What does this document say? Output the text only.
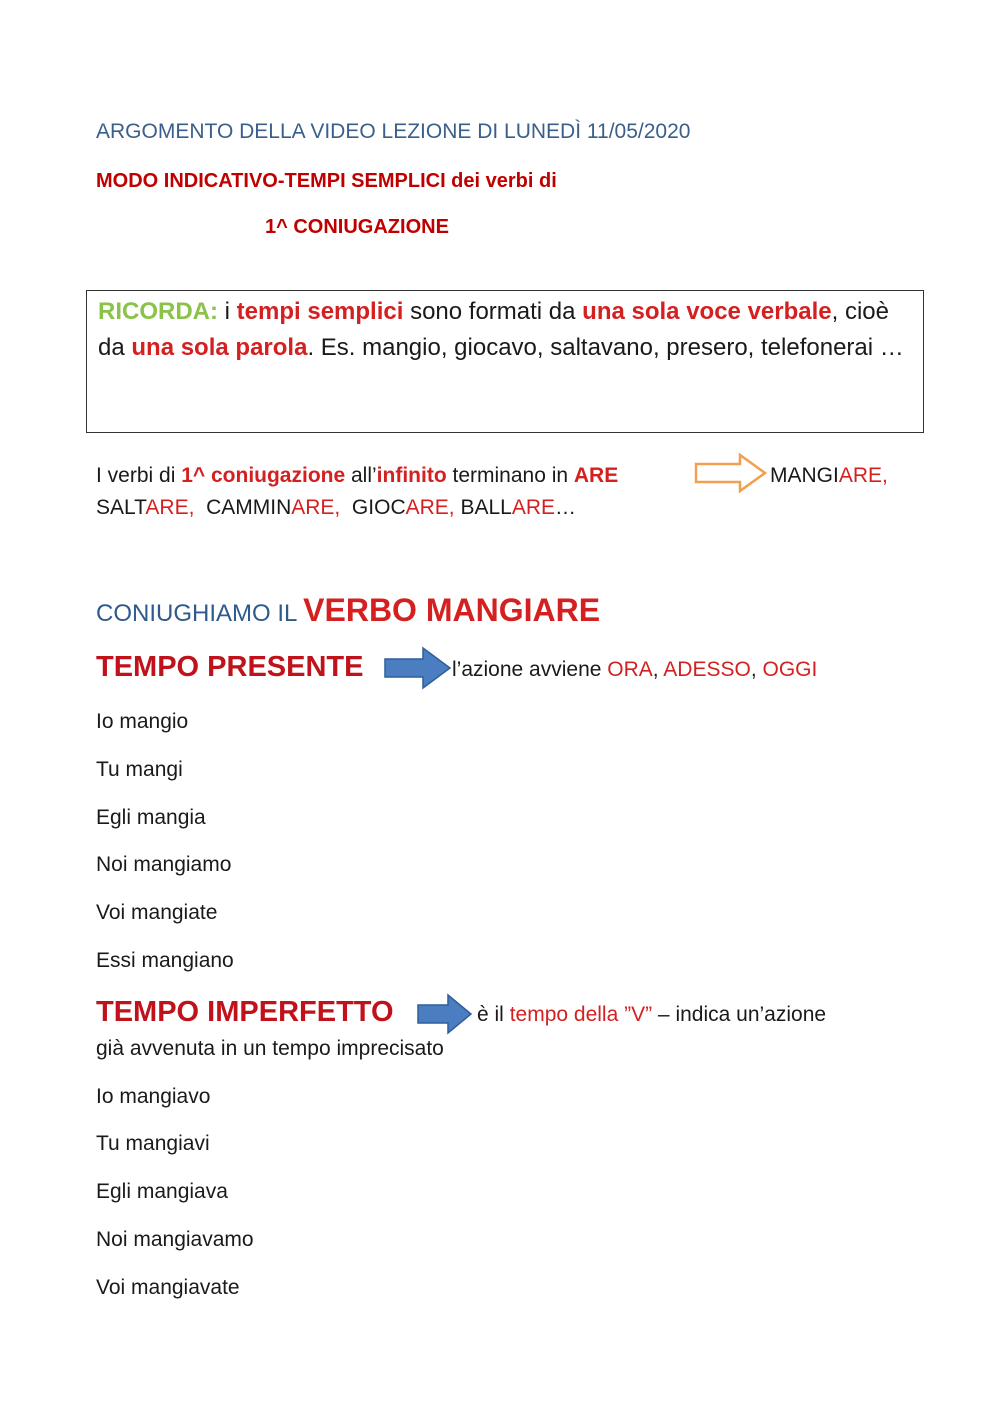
ARGOMENTO DELLA VIDEO LEZIONE DI LUNEDÌ 11/05/2020
MODO INDICATIVO-TEMPI SEMPLICI dei verbi di
1^ CONIUGAZIONE
RICORDA: i tempi semplici sono formati da una sola voce verbale, cioè da una sola parola. Es. mangio, giocavo, saltavano, presero, telefonerai …
I verbi di 1^ coniugazione all’infinito terminano in ARE	MANGIARE,
SALTARE,  CAMMINARE,  GIOCARE, BALLARE…
CONIUGHIAMO IL VERBO MANGIARE
TEMPO PRESENTE	l’azione avviene ORA, ADESSO, OGGI
Io mangio
Tu mangi
Egli mangia
Noi mangiamo
Voi mangiate
Essi mangiano
TEMPO IMPERFETTO	è il tempo della ”V” – indica un’azione
già avvenuta in un tempo imprecisato
Io mangiavo
Tu mangiavi
Egli mangiava
Noi mangiavamo
Voi mangiavate
